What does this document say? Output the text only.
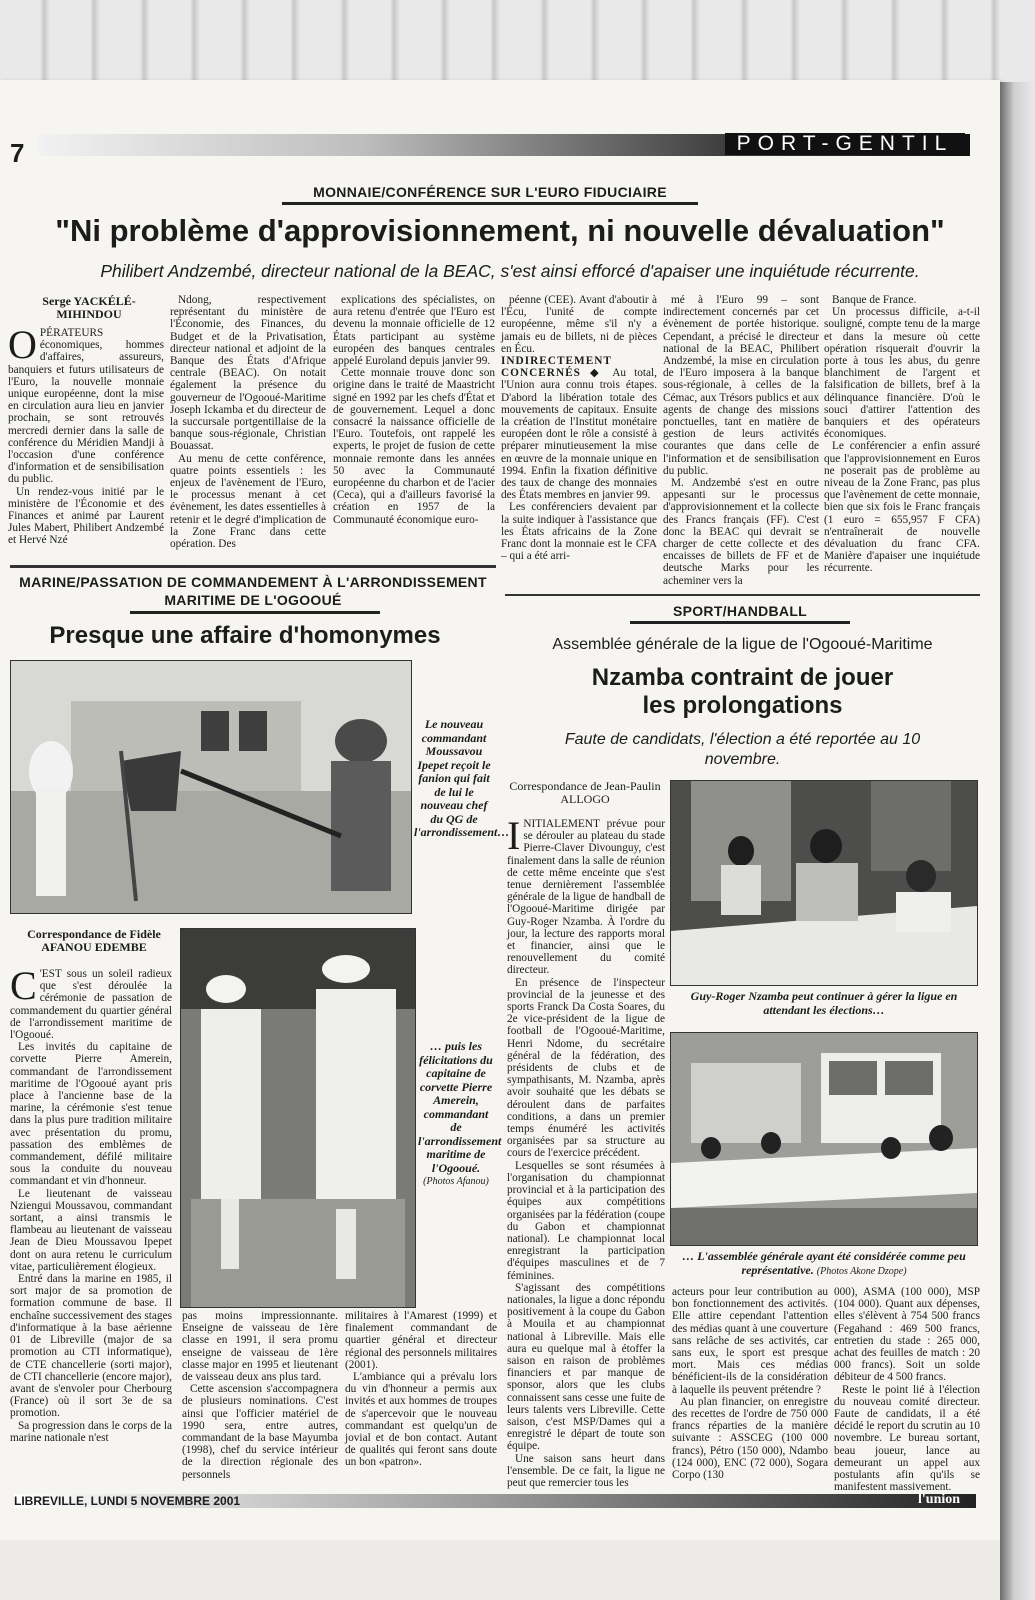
7	PORT-GENTIL
MONNAIE/CONFÉRENCE SUR L'EURO FIDUCIAIRE
"Ni problème d'approvisionnement, ni nouvelle dévaluation"
Philibert Andzembé, directeur national de la BEAC, s'est ainsi efforcé d'apaiser une inquiétude récurrente.
Serge YACKÉLÉ-MIHINDOU
O PÉRATEURS économiques, hommes d'affaires, assureurs, banquiers et futurs utilisateurs de l'Euro, la nouvelle monnaie unique européenne, dont la mise en circulation aura lieu en janvier prochain, se sont retrouvés mercredi dernier dans la salle de conférence du Méridien Mandji à l'occasion d'une conférence d'information et de sensibilisation du public.

Un rendez-vous initié par le ministère de l'Économie et des Finances et animé par Laurent Jules Mabert, Philibert Andzembé et Hervé Nzé

Ndong, respectivement représentant du ministère de l'Économie, des Finances, du Budget et de la Privatisation, directeur national et adjoint de la Banque des États d'Afrique centrale (BEAC). On notait également la présence du gouverneur de l'Ogooué-Maritime Joseph Ickamba et du directeur de la succursale portgentillaise de la banque sous-régionale, Christian Bouassat.

Au menu de cette conférence, quatre points essentiels : les enjeux de l'avènement de l'Euro, le processus menant à cet évènement, les dates essentielles à retenir et le degré d'implication de la Zone Franc dans cette opération. Des

explications des spécialistes, on aura retenu d'entrée que l'Euro est devenu la monnaie officielle de 12 États participant au système européen des banques centrales appelé Euroland depuis janvier 99.

Cette monnaie trouve donc son origine dans le traité de Maastricht signé en 1992 par les chefs d'État et de gouvernement. Lequel a donc consacré la naissance officielle de l'Euro. Toutefois, ont rappelé les experts, le projet de fusion de cette monnaie remonte dans les années 50 avec la Communauté européenne du charbon et de l'acier (Ceca), qui a d'ailleurs favorisé la création en 1957 de la Communauté économique euro-

péenne (CEE). Avant d'aboutir à l'Écu, l'unité de compte européenne, même s'il n'y a jamais eu de billets, ni de pièces en Écu.

INDIRECTEMENT CONCERNÉS ◆ Au total, l'Union aura connu trois étapes. D'abord la libération totale des mouvements de capitaux. Ensuite la création de l'Institut monétaire européen dont le rôle a consisté à préparer minutieusement la mise en œuvre de la monnaie unique en 1994. Enfin la fixation définitive des taux de change des monnaies des États membres en janvier 99.

Les conférenciers devaient par la suite indiquer à l'assistance que les États africains de la Zone Franc dont la monnaie est le CFA – qui a été arri-

mé à l'Euro 99 – sont indirectement concernés par cet évènement de portée historique. Cependant, a précisé le directeur national de la BEAC, Philibert Andzembé, la mise en circulation de l'Euro imposera à la banque sous-régionale, à celles de la Cémac, aux Trésors publics et aux agents de change des missions ponctuelles, tant en matière de gestion de leurs activités courantes que dans celle de l'information et de sensibilisation du public.

M. Andzembé s'est en outre appesanti sur le processus d'approvisionnement et la collecte des Francs français (FF). C'est donc la BEAC qui devrait se charger de cette collecte et des encaisses de billets de FF et de deutsche Marks pour les acheminer vers la

Banque de France.

Un processus difficile, a-t-il souligné, compte tenu de la marge et dans la mesure où cette opération risquerait d'ouvrir la porte à tous les abus, du genre blanchiment de l'argent et falsification de billets, bref à la délinquance financière. D'où le souci d'attirer l'attention des banquiers et des opérateurs économiques.

Le conférencier a enfin assuré que l'approvisionnement en Euros ne poserait pas de problème au niveau de la Zone Franc, pas plus que l'avènement de cette monnaie, bien que six fois le Franc français (1 euro = 655,957 F CFA) n'entraînerait de nouvelle dévaluation du franc CFA. Manière d'apaiser une inquiétude récurrente.

MARINE/PASSATION DE COMMANDEMENT À L'ARRONDISSEMENT MARITIME DE L'OGOOUÉ
Presque une affaire d'homonymes
Le nouveau commandant Moussavou Ipepet reçoit le fanion qui fait de lui le nouveau chef du QG de l'arrondissement…
Correspondance de Fidèle AFANOU EDEMBE
C 'EST sous un soleil radieux que s'est déroulée la cérémonie de passation de commandement du quartier général de l'arrondissement maritime de l'Ogooué.

Les invités du capitaine de corvette Pierre Amerein, commandant de l'arrondissement maritime de l'Ogooué ayant pris place à l'ancienne base de la marine, la cérémonie s'est tenue dans la plus pure tradition militaire avec présentation du promu, passation des emblèmes de commandement, défilé militaire sous la conduite du nouveau commandant et vin d'honneur.

Le lieutenant de vaisseau Nziengui Moussavou, commandant sortant, a ainsi transmis le flambeau au lieutenant de vaisseau Jean de Dieu Moussavou Ipepet dont on aura retenu le curriculum vitae, particulièrement élogieux.

Entré dans la marine en 1985, il sort major de sa promotion de formation commune de base. Il enchaîne successivement des stages d'informatique à la base aérienne 01 de Libreville (major de sa promotion au CTI informatique), de CTE chancellerie (sorti major), de CTI chancellerie (encore major), avant de s'envoler pour Cherbourg (France) où il sort 3e de sa promotion.

Sa progression dans le corps de la marine nationale n'est

… puis les félicitations du capitaine de corvette Pierre Amerein, commandant de l'arrondissement maritime de l'Ogooué.
(Photos Afanou)

pas moins impressionnante. Enseigne de vaisseau de 1ère classe en 1991, il sera promu enseigne de vaisseau de 1ère classe major en 1995 et lieutenant de vaisseau deux ans plus tard.

Cette ascension s'accompagnera de plusieurs nominations. C'est ainsi que l'officier matériel de 1990 sera, entre autres, commandant de la base Mayumba (1998), chef du service intérieur de la direction régionale des personnels

militaires à l'Amarest (1999) et finalement commandant de quartier général et directeur régional des personnels militaires (2001).

L'ambiance qui a prévalu lors du vin d'honneur a permis aux invités et aux hommes de troupes de s'apercevoir que le nouveau commandant est quelqu'un de jovial et de bon contact. Autant de qualités qui feront sans doute un bon «patron».

SPORT/HANDBALL
Assemblée générale de la ligue de l'Ogooué-Maritime
Nzamba contraint de jouer
les prolongations
Faute de candidats, l'élection a été reportée au 10 novembre.
Correspondance de Jean-Paulin ALLOGO
Guy-Roger Nzamba peut continuer à gérer la ligue en attendant les élections…
I NITIALEMENT prévue pour se dérouler au plateau du stade Pierre-Claver Divounguy, c'est finalement dans la salle de réunion de cette même enceinte que s'est tenue dernièrement l'assemblée générale de la ligue de handball de l'Ogooué-Maritime dirigée par Guy-Roger Nzamba. À l'ordre du jour, la lecture des rapports moral et financier, ainsi que le renouvellement du comité directeur.

En présence de l'inspecteur provincial de la jeunesse et des sports Franck Da Costa Soares, du 2e vice-président de la ligue de football de l'Ogooué-Maritime, Henri Ndome, du secrétaire général de la fédération, des présidents de clubs et de sympathisants, M. Nzamba, après avoir souhaité que les débats se déroulent dans de parfaites conditions, a dans un premier temps énuméré les activités organisées par sa structure au cours de l'exercice précédent.

Lesquelles se sont résumées à l'organisation du championnat provincial et à la participation des équipes aux compétitions organisées par la fédération (coupe du Gabon et championnat national). Le championnat local enregistrant la participation d'équipes masculines et de 7 féminines.

S'agissant des compétitions nationales, la ligue a donc répondu positivement à la coupe du Gabon à Mouila et au championnat national à Libreville. Mais elle aura eu quelque mal à étoffer la saison en raison de problèmes financiers et par manque de sponsor, alors que les clubs connaissent sans cesse une fuite de leurs talents vers Libreville. Cette saison, c'est MSP/Dames qui a enregistré le départ de toute son équipe.

Une saison sans heurt dans l'ensemble. De ce fait, la ligue ne peut que remercier tous les

… L'assemblée générale ayant été considérée comme peu représentative. (Photos Akone Dzope)

acteurs pour leur contribution au bon fonctionnement des activités. Elle attire cependant l'attention des médias quant à une couverture sans relâche de ses activités, car sans eux, le sport est presque mort. Mais ces médias bénéficient-ils de la considération à laquelle ils peuvent prétendre ?

Au plan financier, on enregistre des recettes de l'ordre de 750 000 francs réparties de la manière suivante : ASSCEG (100 000 francs), Pétro (150 000), Ndambo (124 000), ENC (72 000), Sogara Corpo (130

000), ASMA (100 000), MSP (104 000). Quant aux dépenses, elles s'élèvent à 754 500 francs (Fegahand : 469 500 francs, entretien du stade : 265 000, achat des feuilles de match : 20 000 francs). Soit un solde débiteur de 4 500 francs.

Reste le point lié à l'élection du nouveau comité directeur. Faute de candidats, il a été décidé le report du scrutin au 10 novembre. Le bureau sortant, beau joueur, lance au demeurant un appel aux postulants afin qu'ils se manifestent massivement.

LIBREVILLE, LUNDI 5 NOVEMBRE 2001	l'union
